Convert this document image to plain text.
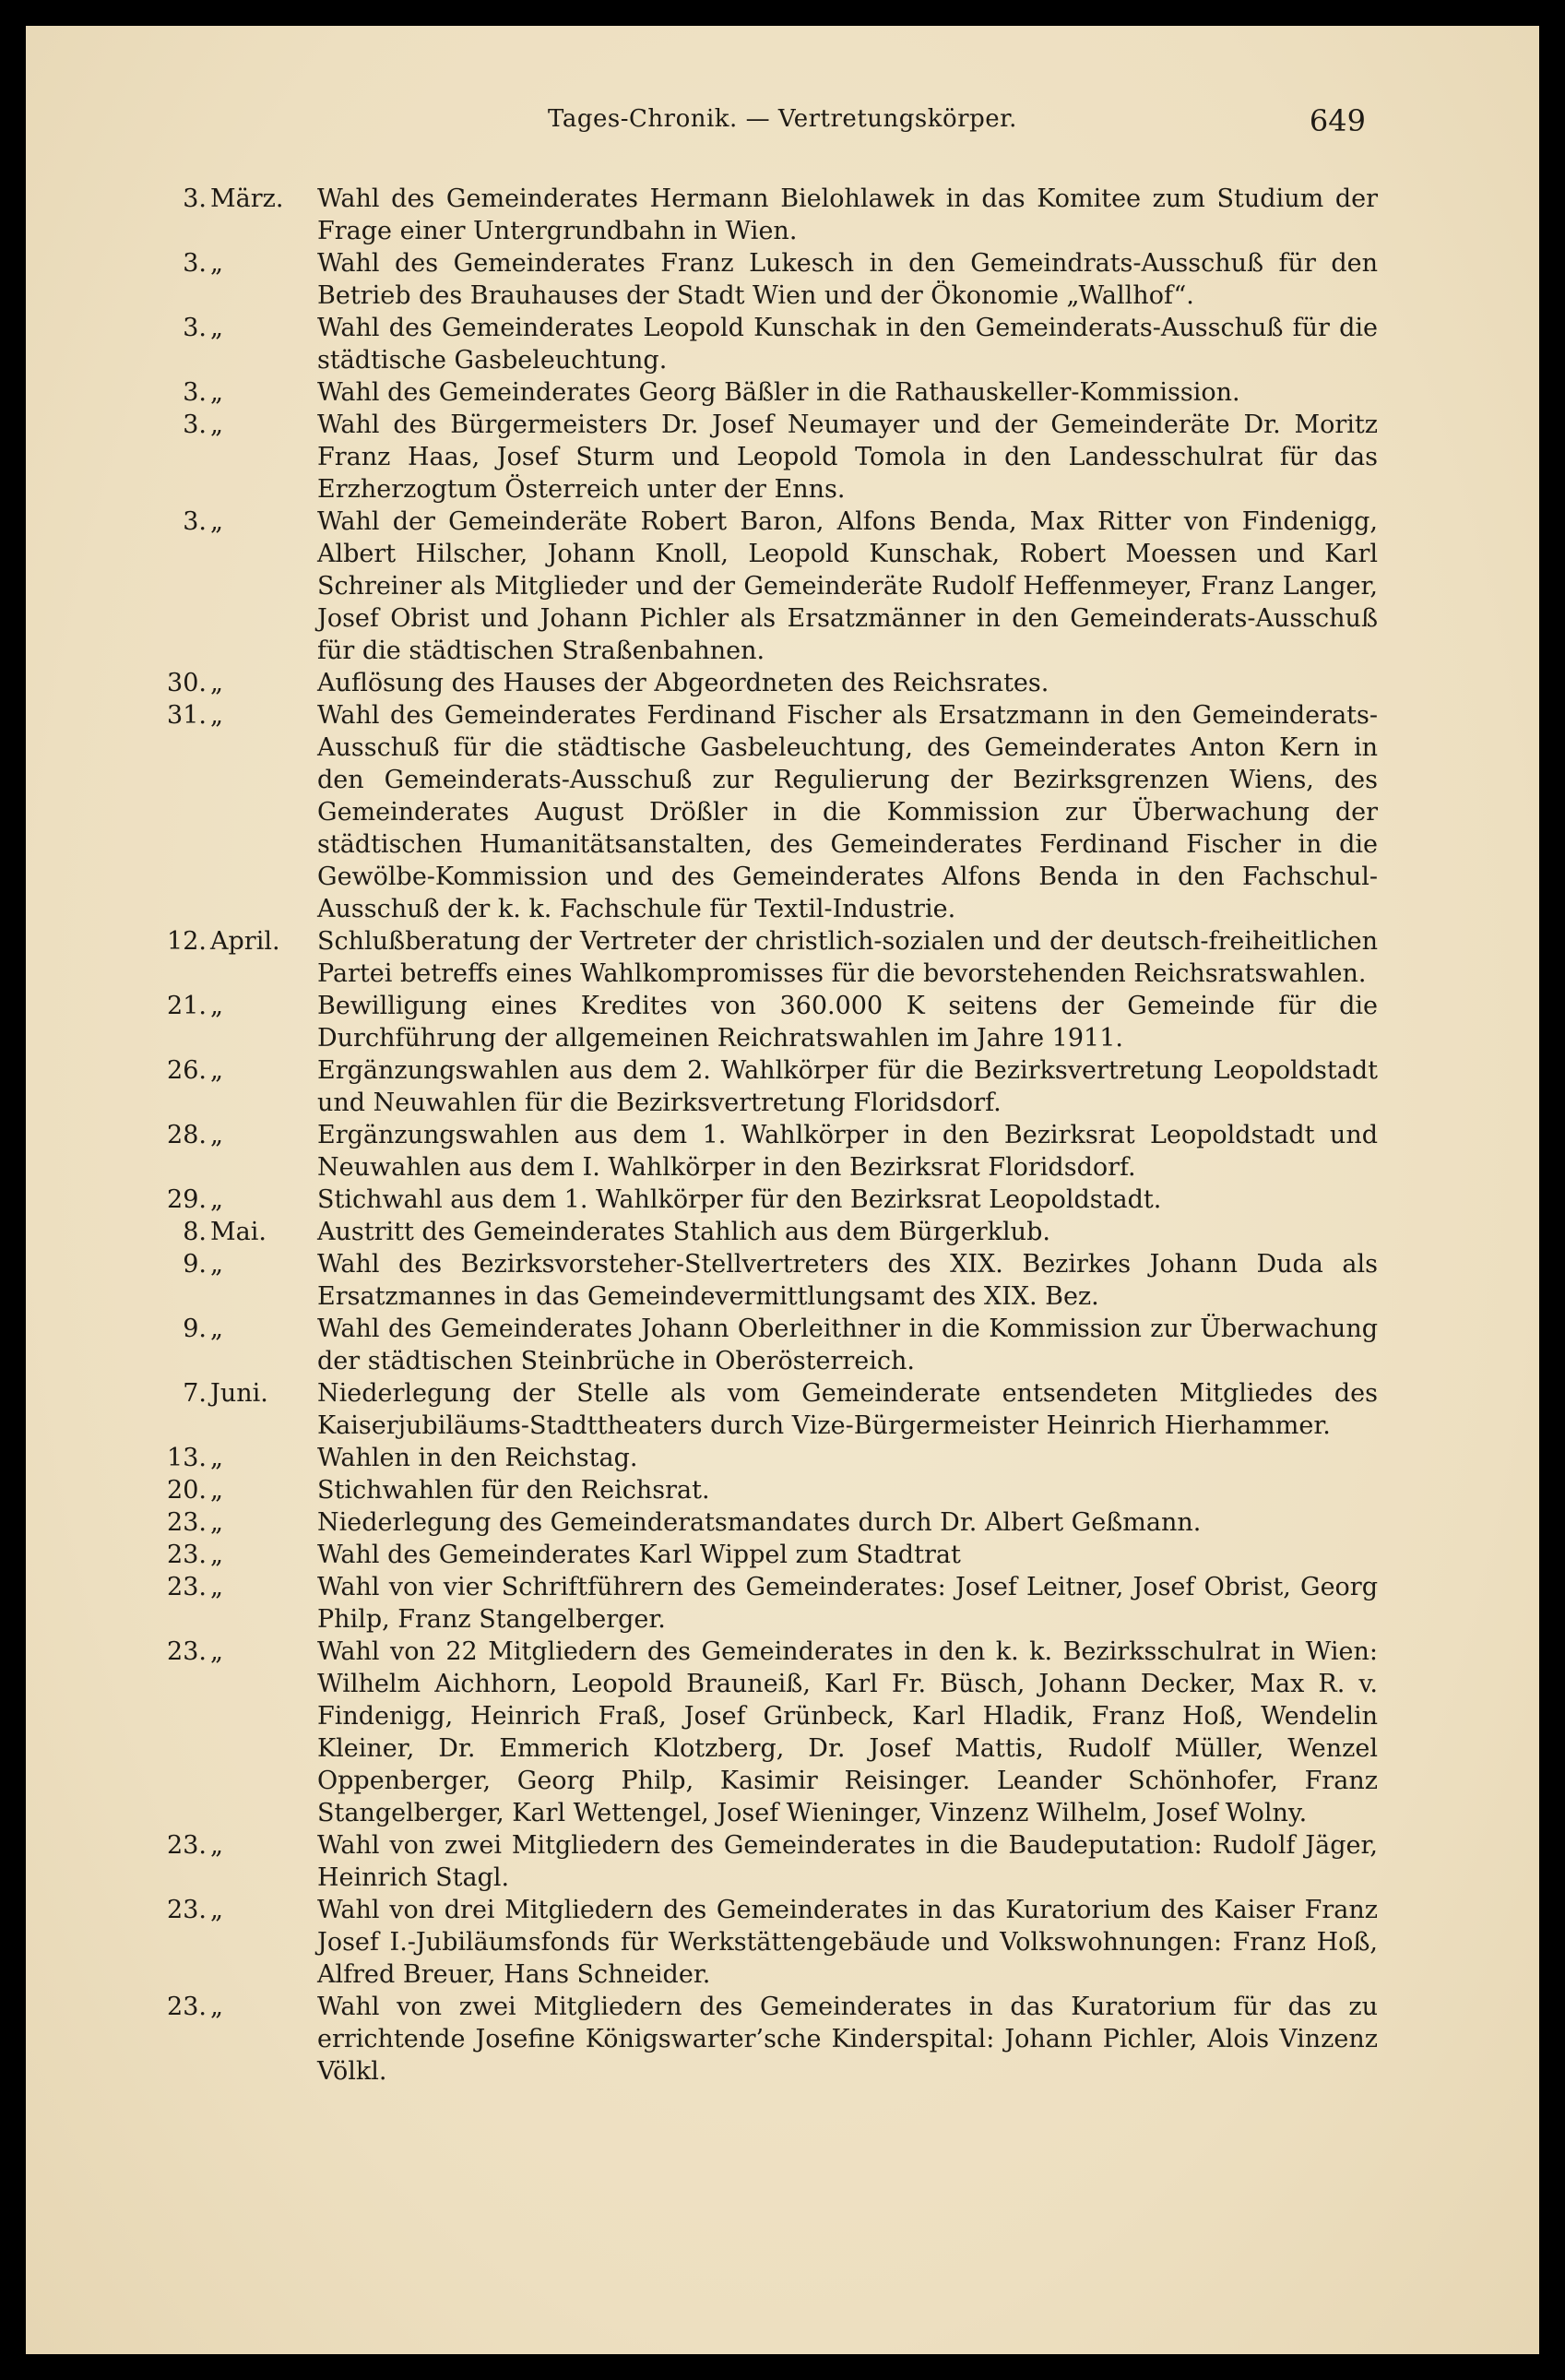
Tages-Chronik. — Vertretungskörper.	649
3. März. Wahl des Gemeinderates Hermann Bielohlawek in das Komitee zum Studium der Frage einer Untergrundbahn in Wien.
3. „	Wahl des Gemeinderates Franz Lukesch in den Gemeindrats-Ausschuß für den Betrieb des Brauhauses der Stadt Wien und der Ökonomie „Wallhof“.
3. „	Wahl des Gemeinderates Leopold Kunschak in den Gemeinderats-Ausschuß für die städtische Gasbeleuchtung.
3. „	Wahl des Gemeinderates Georg Bäßler in die Rathauskeller-Kommission.
3. „	Wahl des Bürgermeisters Dr. Josef Neumayer und der Gemeinderäte Dr. Moritz Franz Haas, Josef Sturm und Leopold Tomola in den Landesschulrat für das Erzherzogtum Österreich unter der Enns.
3. „	Wahl der Gemeinderäte Robert Baron, Alfons Benda, Max Ritter von Findenigg, Albert Hilscher, Johann Knoll, Leopold Kunschak, Robert Moessen und Karl Schreiner als Mitglieder und der Gemeinderäte Rudolf Heffenmeyer, Franz Langer, Josef Obrist und Johann Pichler als Ersatzmänner in den Gemeinderats-Ausschuß für die städtischen Straßenbahnen.
30. „	Auflösung des Hauses der Abgeordneten des Reichsrates.
31. „	Wahl des Gemeinderates Ferdinand Fischer als Ersatzmann in den Gemeinderats-Ausschuß für die städtische Gasbeleuchtung, des Gemeinderates Anton Kern in den Gemeinderats-Ausschuß zur Regulierung der Bezirksgrenzen Wiens, des Gemeinderates August Drößler in die Kommission zur Überwachung der städtischen Humanitätsanstalten, des Gemeinderates Ferdinand Fischer in die Gewölbe-Kommission und des Gemeinderates Alfons Benda in den Fachschul-Ausschuß der k. k. Fachschule für Textil-Industrie.
12. April. Schlußberatung der Vertreter der christlich-sozialen und der deutsch-freiheitlichen Partei betreffs eines Wahlkompromisses für die bevorstehenden Reichsratswahlen.
21. „	Bewilligung eines Kredites von 360.000 K seitens der Gemeinde für die Durchführung der allgemeinen Reichratswahlen im Jahre 1911.
26. „	Ergänzungswahlen aus dem 2. Wahlkörper für die Bezirksvertretung Leopoldstadt und Neuwahlen für die Bezirksvertretung Floridsdorf.
28. „	Ergänzungswahlen aus dem 1. Wahlkörper in den Bezirksrat Leopoldstadt und Neuwahlen aus dem I. Wahlkörper in den Bezirksrat Floridsdorf.
29. „	Stichwahl aus dem 1. Wahlkörper für den Bezirksrat Leopoldstadt.
8. Mai. Austritt des Gemeinderates Stahlich aus dem Bürgerklub.
9. „	Wahl des Bezirksvorsteher-Stellvertreters des XIX. Bezirkes Johann Duda als Ersatzmannes in das Gemeindevermittlungsamt des XIX. Bez.
9. „	Wahl des Gemeinderates Johann Oberleithner in die Kommission zur Überwachung der städtischen Steinbrüche in Oberösterreich.
7. Juni. Niederlegung der Stelle als vom Gemeinderate entsendeten Mitgliedes des Kaiserjubiläums-Stadttheaters durch Vize-Bürgermeister Heinrich Hierhammer.
13. „	Wahlen in den Reichstag.
20. „	Stichwahlen für den Reichsrat.
23. „	Niederlegung des Gemeinderatsmandates durch Dr. Albert Geßmann.
23. „	Wahl des Gemeinderates Karl Wippel zum Stadtrat
23. „	Wahl von vier Schriftführern des Gemeinderates: Josef Leitner, Josef Obrist, Georg Philp, Franz Stangelberger.
23. „	Wahl von 22 Mitgliedern des Gemeinderates in den k. k. Bezirksschulrat in Wien: Wilhelm Aichhorn, Leopold Brauneiß, Karl Fr. Büsch, Johann Decker, Max R. v. Findenigg, Heinrich Fraß, Josef Grünbeck, Karl Hladik, Franz Hoß, Wendelin Kleiner, Dr. Emmerich Klotzberg, Dr. Josef Mattis, Rudolf Müller, Wenzel Oppenberger, Georg Philp, Kasimir Reisinger. Leander Schönhofer, Franz Stangelberger, Karl Wettengel, Josef Wieninger, Vinzenz Wilhelm, Josef Wolny.
23. „	Wahl von zwei Mitgliedern des Gemeinderates in die Baudeputation: Rudolf Jäger, Heinrich Stagl.
23. „	Wahl von drei Mitgliedern des Gemeinderates in das Kuratorium des Kaiser Franz Josef I.-Jubiläumsfonds für Werkstättengebäude und Volkswohnungen: Franz Hoß, Alfred Breuer, Hans Schneider.
23. „	Wahl von zwei Mitgliedern des Gemeinderates in das Kuratorium für das zu errichtende Josefine Königswarter’sche Kinderspital: Johann Pichler, Alois Vinzenz Völkl.
